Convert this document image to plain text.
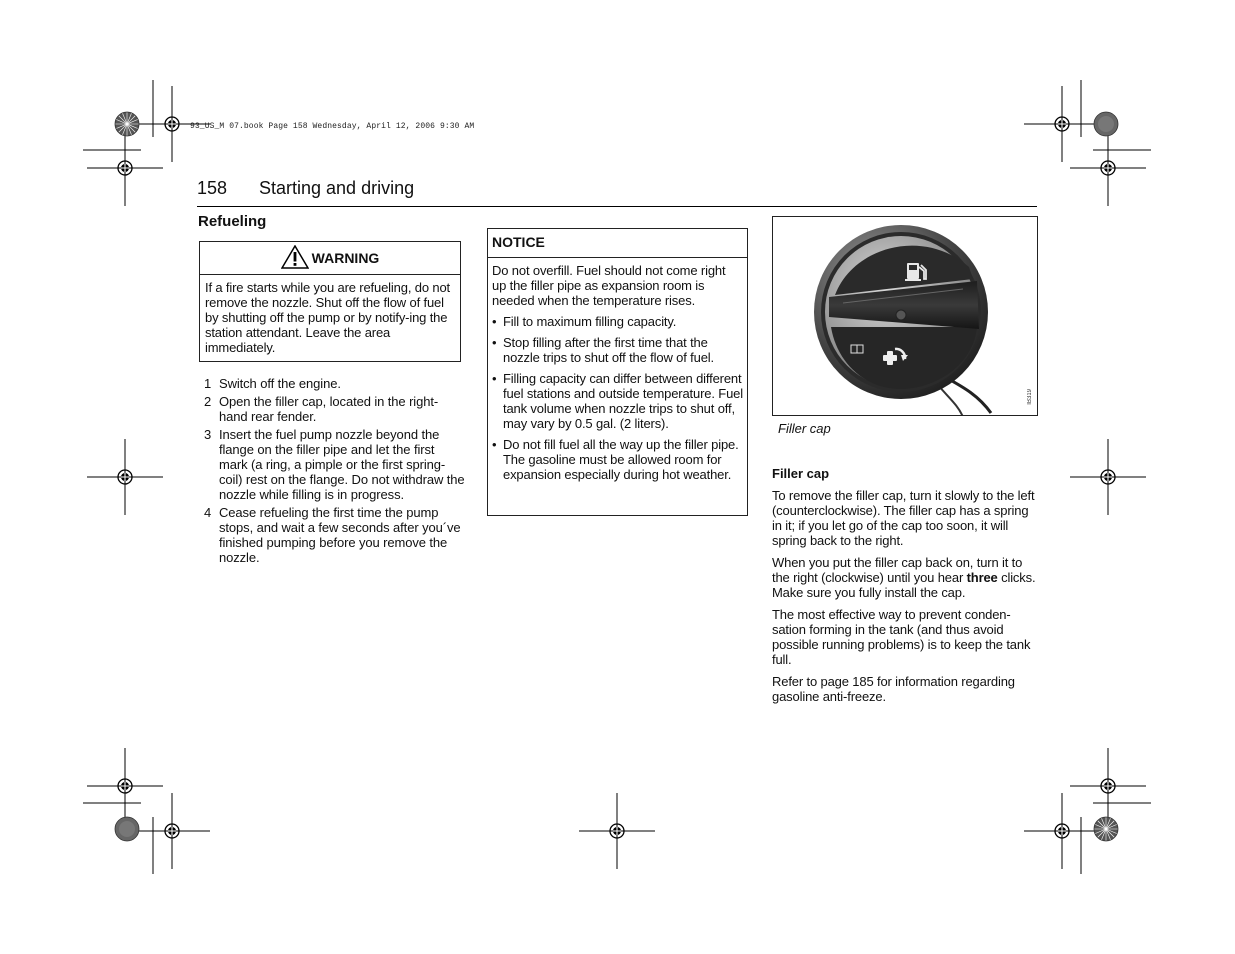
93_US_M 07.book Page 158 Wednesday, April 12, 2006 9:30 AM
158 Starting and driving
Refueling
WARNING
If a fire starts while you are refueling, do not remove the nozzle. Shut off the flow of fuel by shutting off the pump or by notify-ing the station attendant. Leave the area immediately.
1 Switch off the engine.
2 Open the filler cap, located in the right-hand rear fender.
3 Insert the fuel pump nozzle beyond the flange on the filler pipe and let the first mark (a ring, a pimple or the first spring-coil) rest on the flange. Do not withdraw the nozzle while filling is in progress.
4 Cease refueling the first time the pump stops, and wait a few seconds after you´ve finished pumping before you remove the nozzle.
NOTICE

Do not overfill. Fuel should not come right up the filler pipe as expansion room is needed when the temperature rises.

• Fill to maximum filling capacity.
• Stop filling after the first time that the nozzle trips to shut off the flow of fuel.
• Filling capacity can differ between different fuel stations and outside temperature. Fuel tank volume when nozzle trips to shut off, may vary by 0.5 gal. (2 liters).
• Do not fill fuel all the way up the filler pipe. The gasoline must be allowed room for expansion especially during hot weather.
IB319
Filler cap
Filler cap

To remove the filler cap, turn it slowly to the left (counterclockwise). The filler cap has a spring in it; if you let go of the cap too soon, it will spring back to the right.

When you put the filler cap back on, turn it to the right (clockwise) until you hear three clicks. Make sure you fully install the cap.

The most effective way to prevent conden-sation forming in the tank (and thus avoid possible running problems) is to keep the tank full.

Refer to page 185 for information regarding gasoline anti-freeze.
